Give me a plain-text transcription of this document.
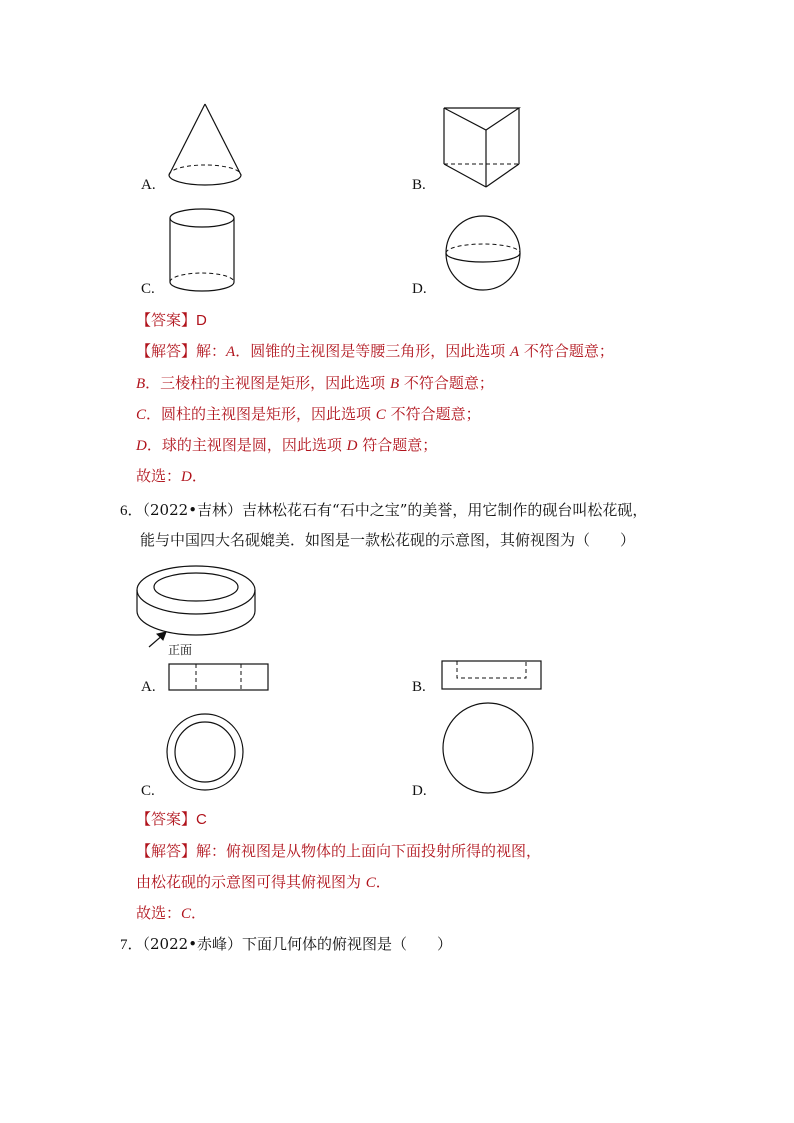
A.	B.
C.	D.
【答案】D
【解答】解：A．圆锥的主视图是等腰三角形，因此选项 A 不符合题意；
B．三棱柱的主视图是矩形，因此选项 B 不符合题意；
C．圆柱的主视图是矩形，因此选项 C 不符合题意；
D．球的主视图是圆，因此选项 D 符合题意；
故选：D．
6．（2022•吉林）吉林松花石有“石中之宝”的美誉，用它制作的砚台叫松花砚，
能与中国四大名砚媲美．如图是一款松花砚的示意图，其俯视图为（　　）
正面
A.	B.
C.	D.
【答案】C
【解答】解：俯视图是从物体的上面向下面投射所得的视图，
由松花砚的示意图可得其俯视图为 C．
故选：C．
7．（2022•赤峰）下面几何体的俯视图是（　　）
